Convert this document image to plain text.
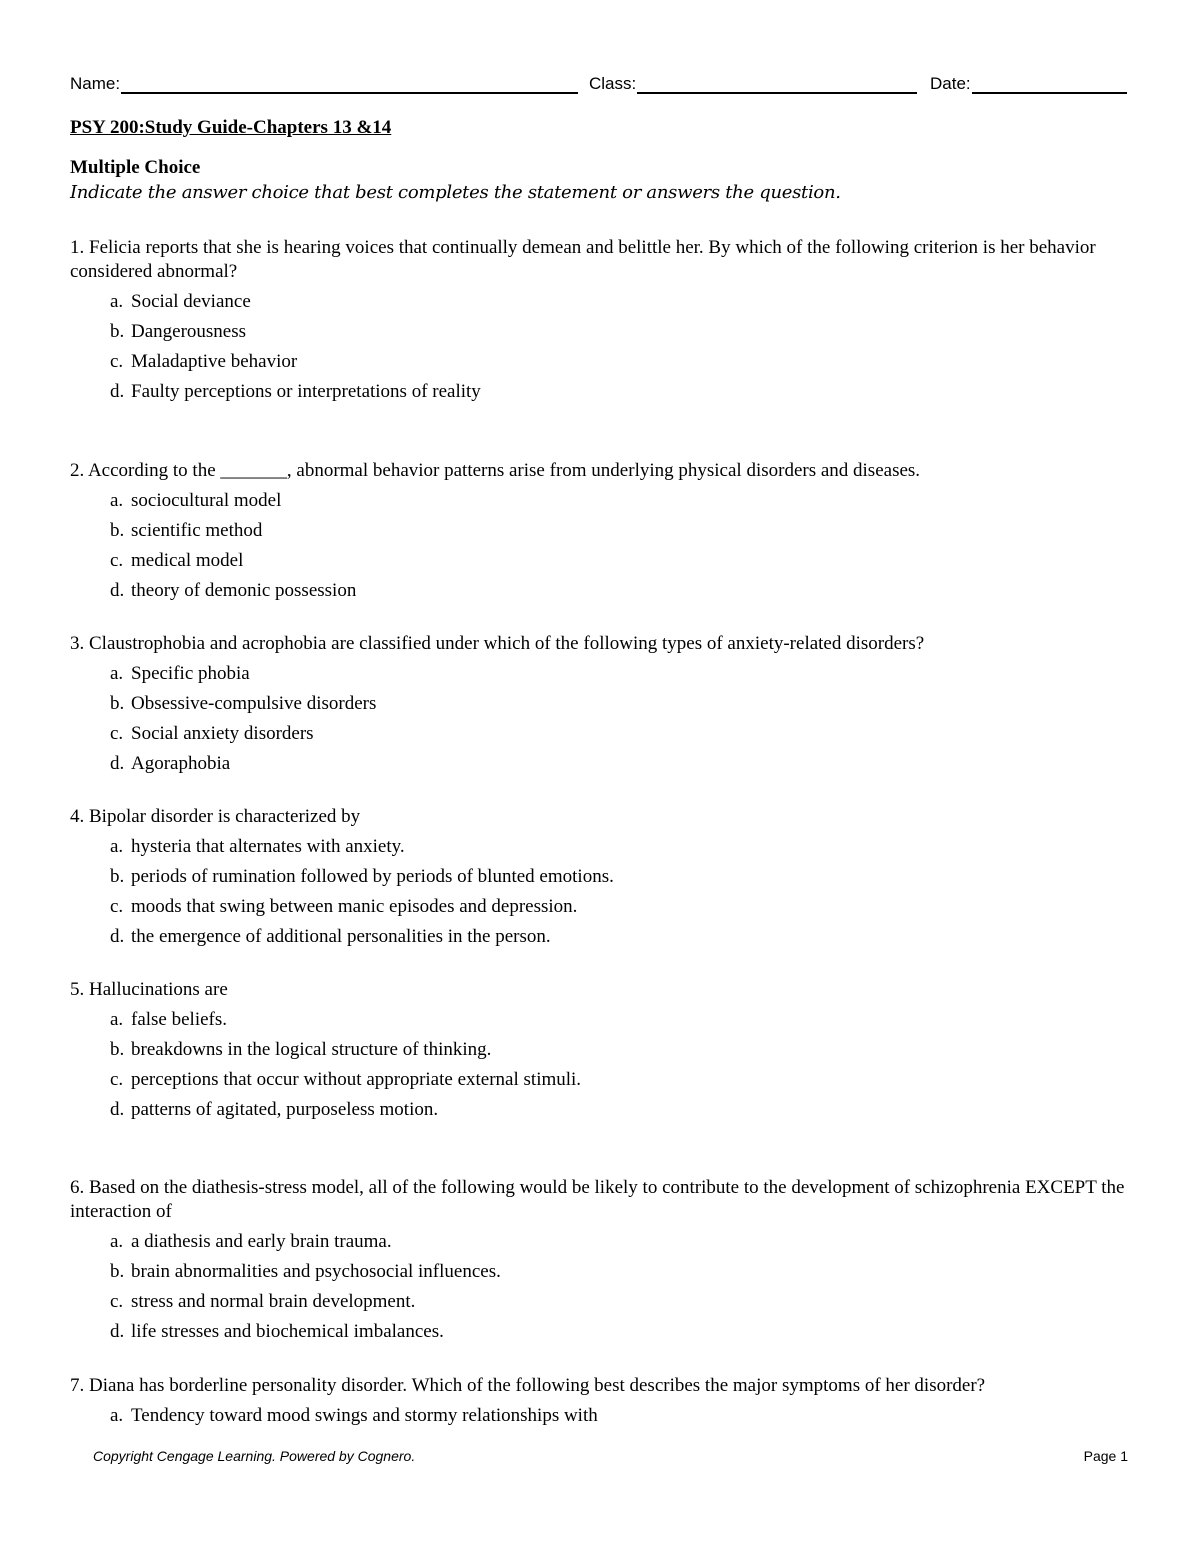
Name:	Class:	Date:
PSY 200:Study Guide-Chapters 13 &14
Multiple Choice
Indicate the answer choice that best completes the statement or answers the question.

1. Felicia reports that she is hearing voices that continually demean and belittle her. By which of the following criterion is her behavior considered abnormal?

a. Social deviance
b. Dangerousness
c. Maladaptive behavior
d. Faulty perceptions or interpretations of reality

2. According to the _______, abnormal behavior patterns arise from underlying physical disorders and diseases.

a. sociocultural model
b. scientific method
c. medical model
d. theory of demonic possession

3. Claustrophobia and acrophobia are classified under which of the following types of anxiety-related disorders?

a. Specific phobia
b. Obsessive-compulsive disorders
c. Social anxiety disorders
d. Agoraphobia

4. Bipolar disorder is characterized by

a. hysteria that alternates with anxiety.
b. periods of rumination followed by periods of blunted emotions.
c. moods that swing between manic episodes and depression.
d. the emergence of additional personalities in the person.

5. Hallucinations are

a. false beliefs.
b. breakdowns in the logical structure of thinking.
c. perceptions that occur without appropriate external stimuli.
d. patterns of agitated, purposeless motion.

6. Based on the diathesis-stress model, all of the following would be likely to contribute to the development of schizophrenia EXCEPT the interaction of

a. a diathesis and early brain trauma.
b. brain abnormalities and psychosocial influences.
c. stress and normal brain development.
d. life stresses and biochemical imbalances.

7. Diana has borderline personality disorder. Which of the following best describes the major symptoms of her disorder?

a. Tendency toward mood swings and stormy relationships with
Copyright Cengage Learning. Powered by Cognero.	Page 1
